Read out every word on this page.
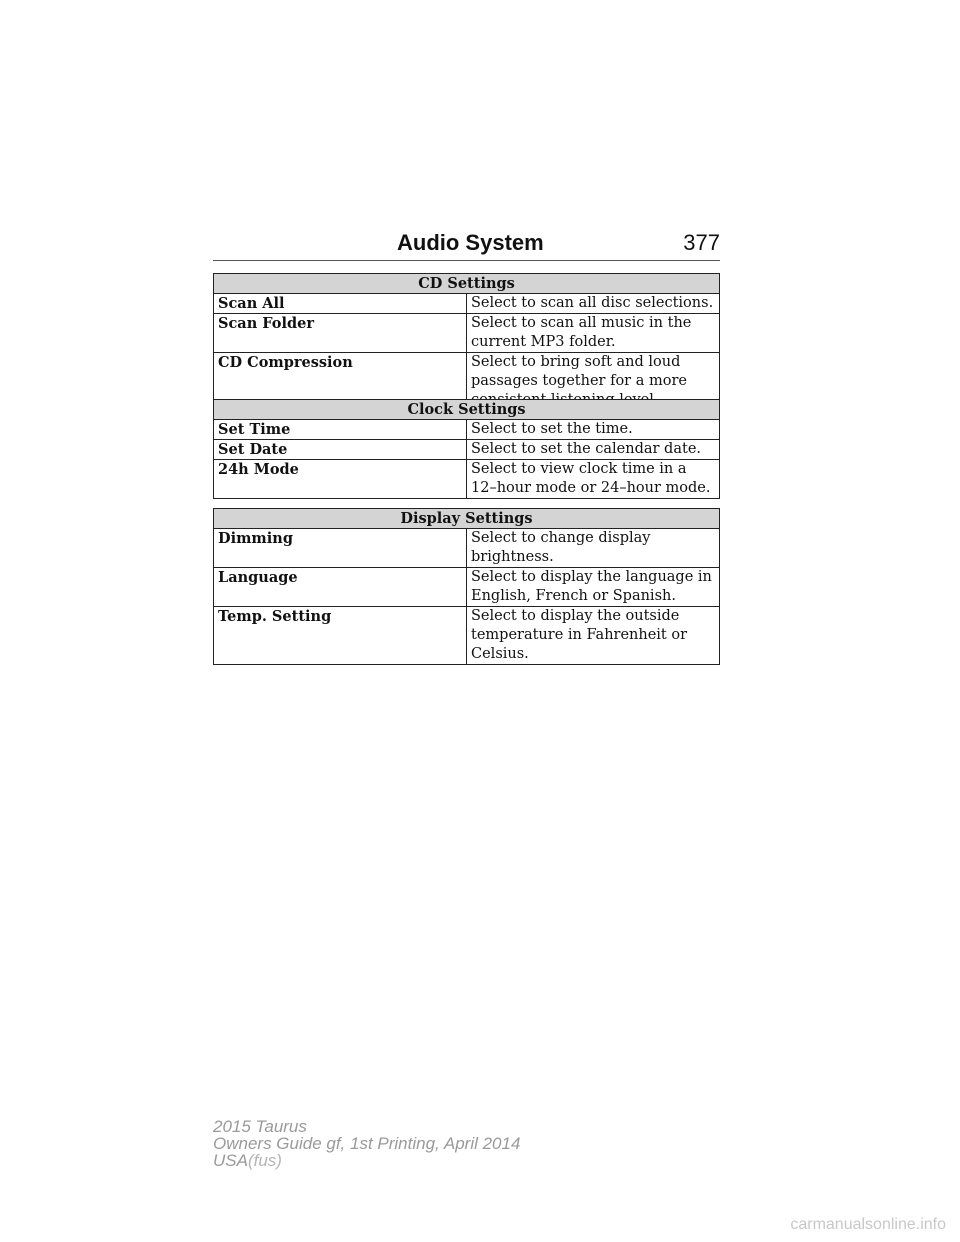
Audio System	377
CD Settings	
Scan All	Select to scan all disc selections.
Scan Folder	Select to scan all music in the current MP3 folder.
CD Compression	Select to bring soft and loud passages together for a more
Clock Settings	
Set Time	Select to set the time.
Set Date	Select to set the calendar date.
24h Mode	Select to view clock time in a 12–hour mode or 24–hour mode.
Display Settings	
Dimming	Select to change display brightness.
Language	Select to display the language in English, French or Spanish.
Temp. Setting	Select to display the outside temperature in Fahrenheit or Celsius.
2015 Taurus
Owners Guide gf, 1st Printing, April 2014
USA(fus)
carmanualsonline.info
